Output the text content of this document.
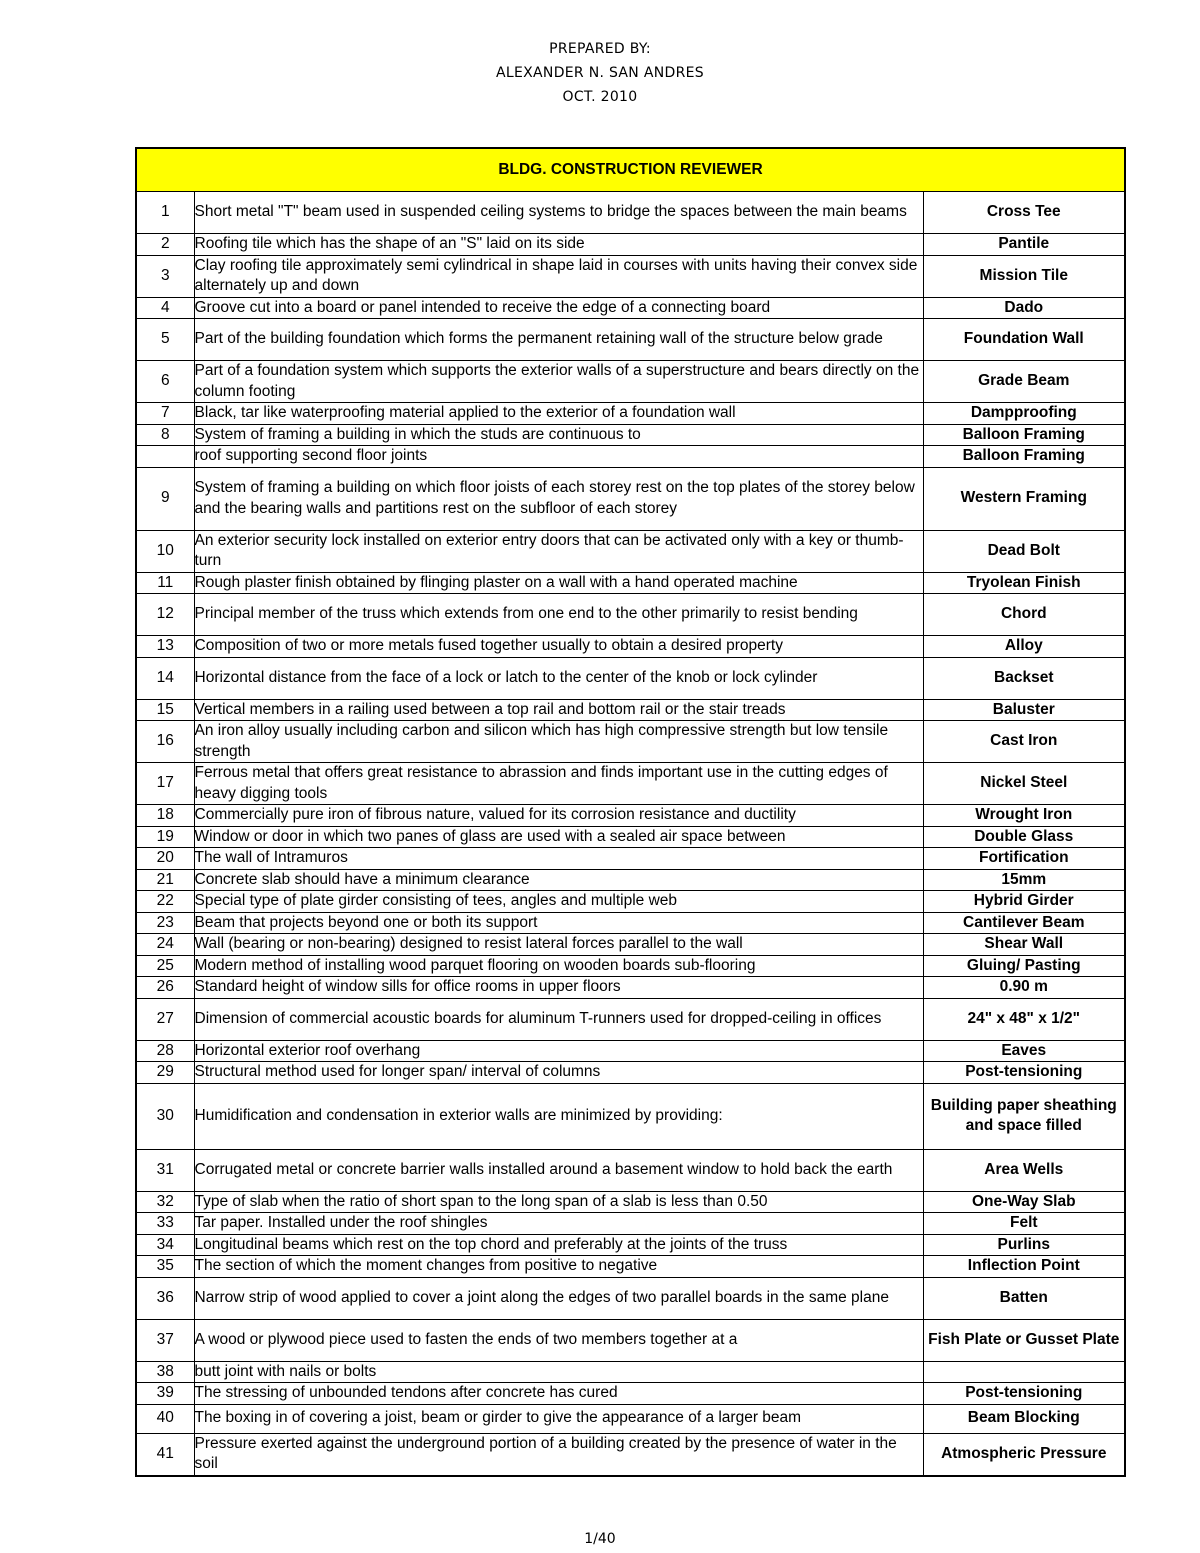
PREPARED BY:
ALEXANDER N. SAN ANDRES
OCT. 2010
BLDG. CONSTRUCTION REVIEWER		
1	Short metal "T" beam used in suspended ceiling systems to bridge the spaces between the main beams	Cross Tee
2	Roofing tile which has the shape of an "S" laid on its side	Pantile
3	Clay roofing tile approximately semi cylindrical in shape laid in courses with units having their convex side alternately up and down	Mission Tile
4	Groove cut into a board or panel intended to receive the edge of a connecting board	Dado
5	Part of the building foundation which forms the permanent retaining wall of the structure below grade	Foundation Wall
6	Part of a foundation system which supports the exterior walls of a superstructure and bears directly on the column footing	Grade Beam
7	Black, tar like waterproofing material applied to the exterior of a foundation wall	Dampproofing
8	System of framing a building in which the studs are continuous to	Balloon Framing
	roof supporting second floor joints	Balloon Framing
9	System of framing a building on which floor joists of each storey rest on the top plates of the storey below and the bearing walls and partitions rest on the subfloor of each storey	Western Framing
10	An exterior security lock installed on exterior entry doors that can be activated only with a key or thumb-turn	Dead Bolt
11	Rough plaster finish obtained by flinging plaster on a wall with a hand operated machine	Tryolean Finish
12	Principal member of the truss which extends from one end to the other primarily to resist bending	Chord
13	Composition of two or more metals fused together usually to obtain a desired property	Alloy
14	Horizontal distance from the face of a lock or latch to the center of the knob or lock cylinder	Backset
15	Vertical members in a railing used between a top rail and bottom rail or the stair treads	Baluster
16	An iron alloy usually including carbon and silicon which has high compressive strength but low tensile strength	Cast Iron
17	Ferrous metal that offers great resistance to abrassion and finds important use in the cutting edges of heavy digging tools	Nickel Steel
18	Commercially pure iron of fibrous nature, valued for its corrosion resistance and ductility	Wrought Iron
19	Window or door in which two panes of glass are used with a sealed air space between	Double Glass
20	The wall of Intramuros	Fortification
21	Concrete slab should have a minimum clearance	15mm
22	Special type of plate girder consisting of tees, angles and multiple web	Hybrid Girder
23	Beam that projects beyond one or both its support	Cantilever Beam
24	Wall (bearing or non-bearing) designed to resist lateral forces parallel to the wall	Shear Wall
25	Modern method of installing wood parquet flooring on wooden boards sub-flooring	Gluing/ Pasting
26	Standard height of window sills for office rooms in upper floors	0.90 m
27	Dimension of commercial acoustic boards for aluminum T-runners used for dropped-ceiling in offices	24" x 48" x 1/2"
28	Horizontal exterior roof overhang	Eaves
29	Structural method used for longer span/ interval of columns	Post-tensioning
30	Humidification and condensation in exterior walls are minimized by providing:	Building paper sheathing and space filled
31	Corrugated metal or concrete barrier walls installed around a basement window to hold back the earth	Area Wells
32	Type of slab when the ratio of short span to the long span of a slab is less than 0.50	One-Way Slab
33	Tar paper. Installed under the roof shingles	Felt
34	Longitudinal beams which rest on the top chord and preferably at the joints of the truss	Purlins
35	The section of which the moment changes from positive to negative	Inflection Point
36	Narrow strip of wood applied to cover a joint along the edges of two parallel boards in the same plane	Batten
37	A wood or plywood piece used to fasten the ends of two members together at a	Fish Plate or Gusset Plate
38	butt joint with nails or bolts	
39	The stressing of unbounded tendons after concrete has cured	Post-tensioning
40	The boxing in of covering a joist, beam or girder to give the appearance of a larger beam	Beam Blocking
41	Pressure exerted against the underground portion of a building created by the presence of water in the soil	Atmospheric Pressure
1/40
